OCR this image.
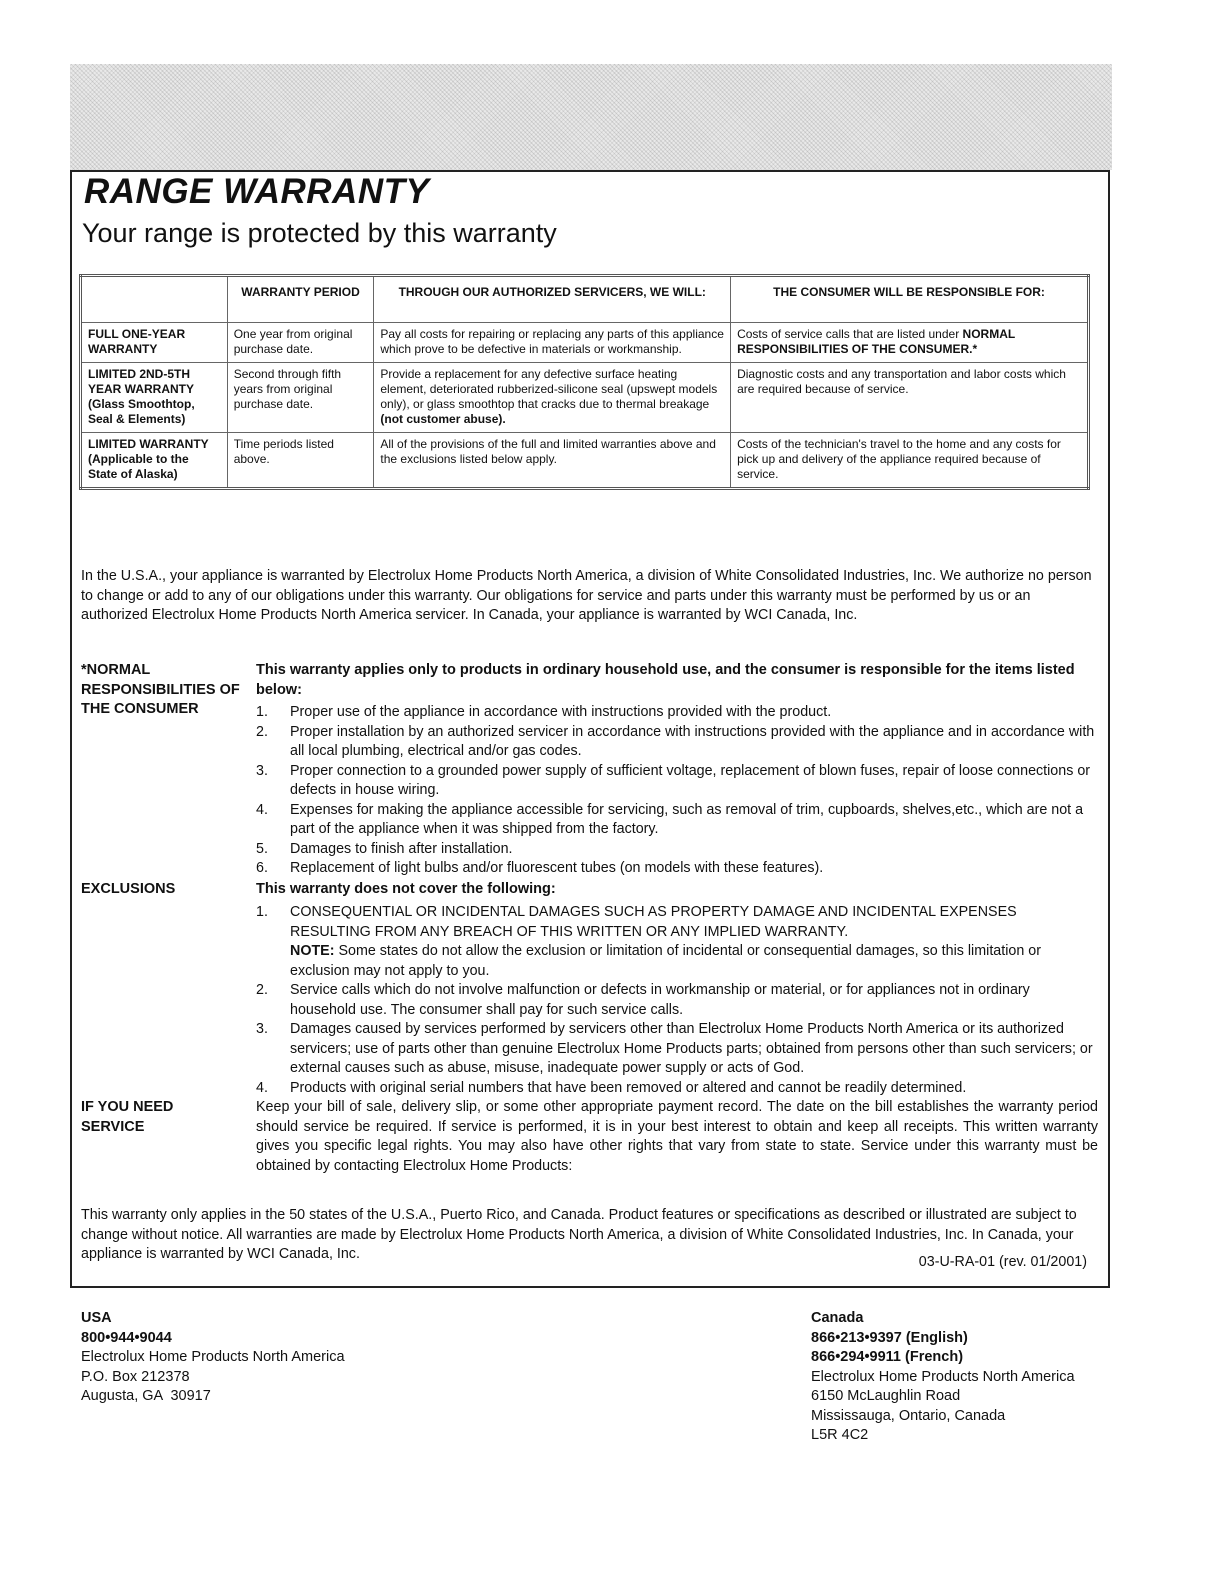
RANGE WARRANTY
Your range is protected by this warranty
	WARRANTY PERIOD	THROUGH OUR AUTHORIZED SERVICERS, WE WILL:	THE CONSUMER WILL BE RESPONSIBLE FOR:
FULL ONE-YEAR WARRANTY	One year from original purchase date.	Pay all costs for repairing or replacing any parts of this appliance which prove to be defective in materials or workmanship.	Costs of service calls that are listed under NORMAL RESPONSIBILITIES OF THE CONSUMER.*
LIMITED 2ND-5TH YEAR WARRANTY (Glass Smoothtop, Seal & Elements)	Second through fifth years from original purchase date.	Provide a replacement for any defective surface heating element, deteriorated rubberized-silicone seal (upswept models only), or glass smoothtop that cracks due to thermal breakage (not customer abuse).	Diagnostic costs and any transportation and labor costs which are required because of service.
LIMITED WARRANTY (Applicable to the State of Alaska)	Time periods listed above.	All of the provisions of the full and limited warranties above and the exclusions listed below apply.	Costs of the technician's travel to the home and any costs for pick up and delivery of the appliance required because of service.

In the U.S.A., your appliance is warranted by Electrolux Home Products North America, a division of White Consolidated Industries, Inc. We authorize no person to change or add to any of our obligations under this warranty. Our obligations for service and parts under this warranty must be performed by us or an authorized Electrolux Home Products North America servicer. In Canada, your appliance is warranted by WCI Canada, Inc.

*NORMAL RESPONSIBILITIES OF THE CONSUMER

This warranty applies only to products in ordinary household use, and the consumer is responsible for the items listed below:

1. Proper use of the appliance in accordance with instructions provided with the product.
2. Proper installation by an authorized servicer in accordance with instructions provided with the appliance and in accordance with all local plumbing, electrical and/or gas codes.
3. Proper connection to a grounded power supply of sufficient voltage, replacement of blown fuses, repair of loose connections or defects in house wiring.
4. Expenses for making the appliance accessible for servicing, such as removal of trim, cupboards, shelves,etc., which are not a part of the appliance when it was shipped from the factory.
5. Damages to finish after installation.
6. Replacement of light bulbs and/or fluorescent tubes (on models with these features).
EXCLUSIONS	This warranty does not cover the following:

1. CONSEQUENTIAL OR INCIDENTAL DAMAGES SUCH AS PROPERTY DAMAGE AND INCIDENTAL EXPENSES RESULTING FROM ANY BREACH OF THIS WRITTEN OR ANY IMPLIED WARRANTY.
NOTE: Some states do not allow the exclusion or limitation of incidental or consequential damages, so this limitation or exclusion may not apply to you.
2. Service calls which do not involve malfunction or defects in workmanship or material, or for appliances not in ordinary household use. The consumer shall pay for such service calls.
3. Damages caused by services performed by servicers other than Electrolux Home Products North America or its authorized servicers; use of parts other than genuine Electrolux Home Products parts; obtained from persons other than such servicers; or external causes such as abuse, misuse, inadequate power supply or acts of God.
4. Products with original serial numbers that have been removed or altered and cannot be readily determined.
IF YOU NEED SERVICE

Keep your bill of sale, delivery slip, or some other appropriate payment record. The date on the bill establishes the warranty period should service be required. If service is performed, it is in your best interest to obtain and keep all receipts. This written warranty gives you specific legal rights. You may also have other rights that vary from state to state. Service under this warranty must be obtained by contacting Electrolux Home Products:

This warranty only applies in the 50 states of the U.S.A., Puerto Rico, and Canada. Product features or specifications as described or illustrated are subject to change without notice. All warranties are made by Electrolux Home Products North America, a division of White Consolidated Industries, Inc. In Canada, your appliance is warranted by WCI Canada, Inc.	03-U-RA-01 (rev. 01/2001)
USA
800•944•9044
Electrolux Home Products North America
P.O. Box 212378
Augusta, GA  30917
Canada
866•213•9397 (English)
866•294•9911 (French)
Electrolux Home Products North America
6150 McLaughlin Road
Mississauga, Ontario, Canada
L5R 4C2
